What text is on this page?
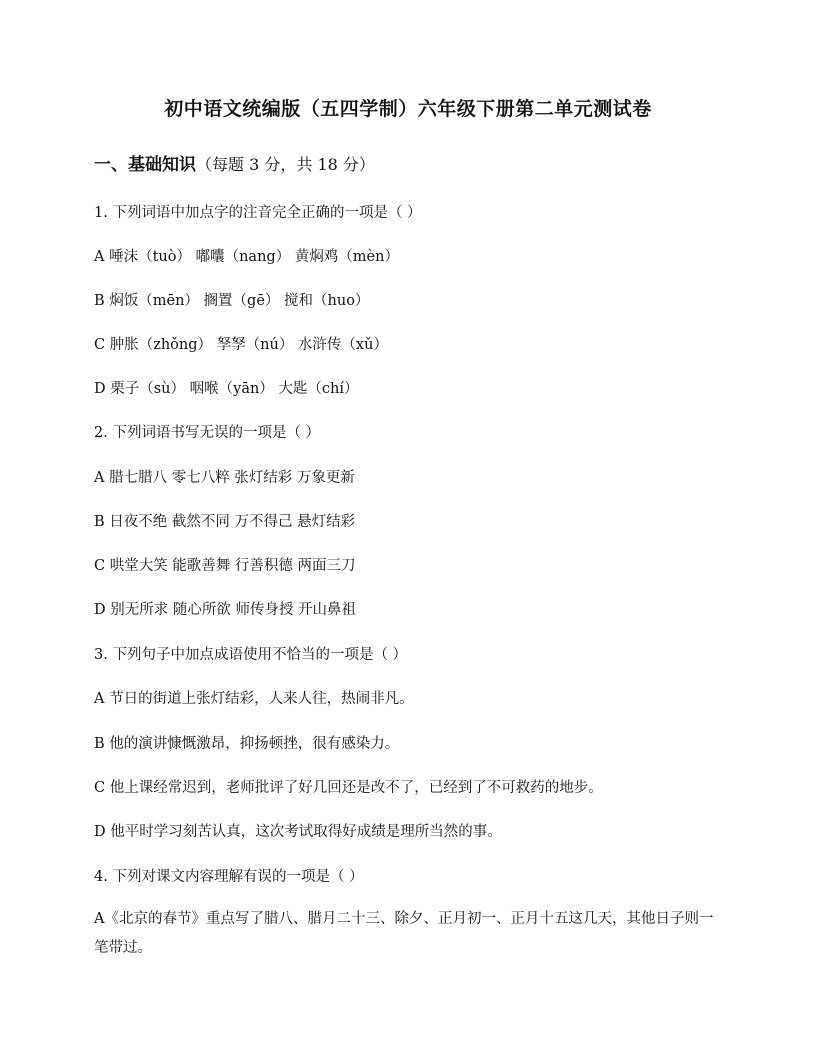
初中语文统编版（五四学制）六年级下册第二单元测试卷
一、基础知识（每题 3 分，共 18 分）
1. 下列词语中加点字的注音完全正确的一项是（ ）
A 唾沫（tuò） 嘟囔（nang） 黄焖鸡（mèn）
B 焖饭（mēn） 搁置（gē） 搅和（huo）
C 肿胀（zhǒng） 孥孥（nú） 水浒传（xǔ）
D 栗子（sù） 咽喉（yān） 大匙（chí）
2. 下列词语书写无误的一项是（ ）
A 腊七腊八 零七八粹 张灯结彩 万象更新
B 日夜不绝 截然不同 万不得己 悬灯结彩
C 哄堂大笑 能歌善舞 行善积德 两面三刀
D 别无所求 随心所欲 师传身授 开山鼻祖
3. 下列句子中加点成语使用不恰当的一项是（ ）
A 节日的街道上张灯结彩，人来人往，热闹非凡。
B 他的演讲慷慨激昂，抑扬顿挫，很有感染力。
C 他上课经常迟到，老师批评了好几回还是改不了，已经到了不可救药的地步。
D 他平时学习刻苦认真，这次考试取得好成绩是理所当然的事。
4. 下列对课文内容理解有误的一项是（ ）
A《北京的春节》重点写了腊八、腊月二十三、除夕、正月初一、正月十五这几天，其他日子则一笔带过。
